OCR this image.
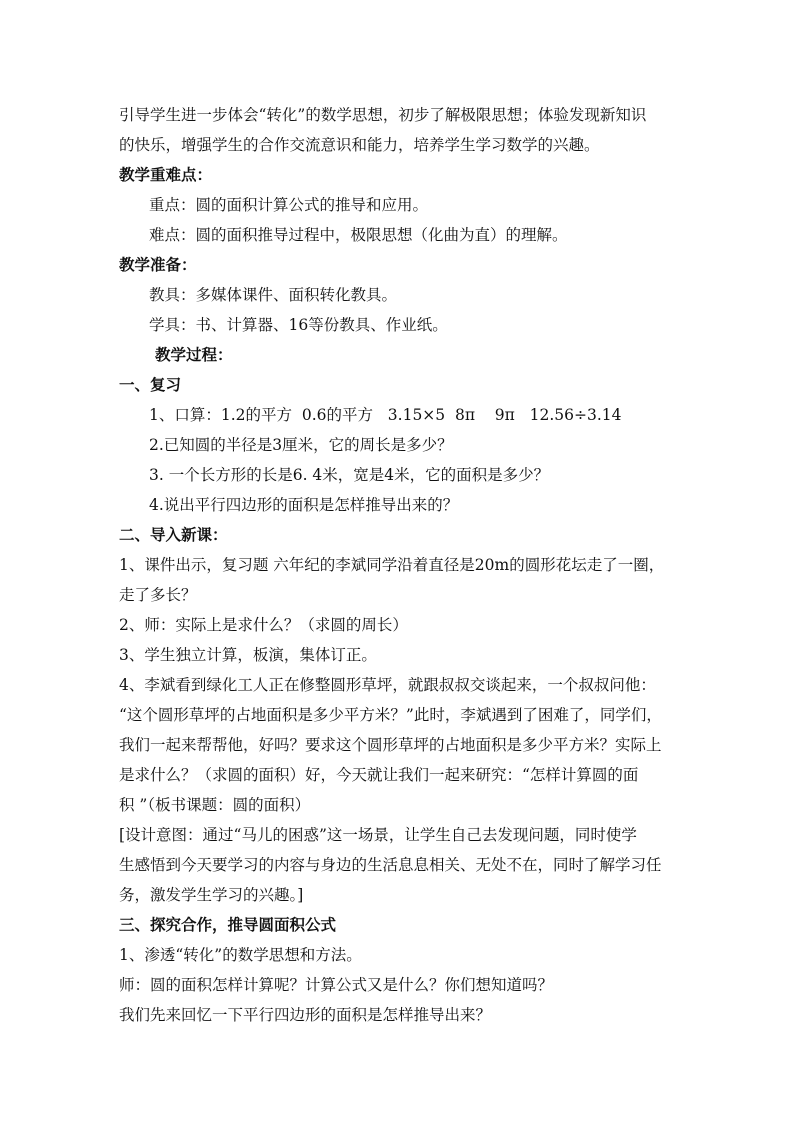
引导学生进一步体会“转化”的数学思想，初步了解极限思想；体验发现新知识
的快乐，增强学生的合作交流意识和能力，培养学生学习数学的兴趣。
教学重难点：
重点：圆的面积计算公式的推导和应用。
难点：圆的面积推导过程中，极限思想（化曲为直）的理解。
教学准备：
教具：多媒体课件、面积转化教具。
学具：书、计算器、16等份教具、作业纸。
教学过程：
一、复习
1、口算：1.2的平方  0.6的平方   3.15×5  8π    9π   12.56÷3.14
2.已知圆的半径是3厘米，它的周长是多少？
3. 一个长方形的长是6. 4米，宽是4米，它的面积是多少？
4.说出平行四边形的面积是怎样推导出来的？
二、导入新课：
1、课件出示，复习题 六年纪的李斌同学沿着直径是20m的圆形花坛走了一圈，
走了多长？
2、师：实际上是求什么？（求圆的周长）
3、学生独立计算，板演，集体订正。
4、李斌看到绿化工人正在修整圆形草坪，就跟叔叔交谈起来，一个叔叔问他：
“这个圆形草坪的占地面积是多少平方米？”此时，李斌遇到了困难了，同学们，
我们一起来帮帮他，好吗？要求这个圆形草坪的占地面积是多少平方米？实际上
是求什么？（求圆的面积）好，今天就让我们一起来研究：“怎样计算圆的面
积 ”（板书课题：圆的面积）
[设计意图：通过“马儿的困惑”这一场景，让学生自己去发现问题，同时使学
生感悟到今天要学习的内容与身边的生活息息相关、无处不在，同时了解学习任
务，激发学生学习的兴趣。]
三、探究合作，推导圆面积公式
1、渗透“转化”的数学思想和方法。
师：圆的面积怎样计算呢？计算公式又是什么？你们想知道吗？
我们先来回忆一下平行四边形的面积是怎样推导出来？
